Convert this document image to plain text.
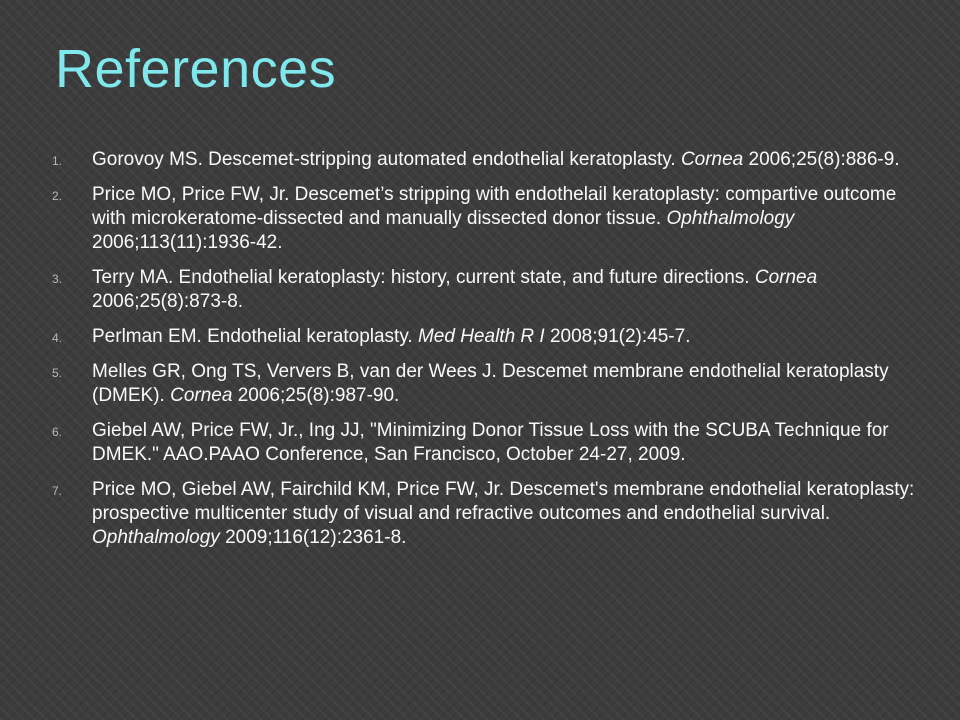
References
1. Gorovoy MS. Descemet-stripping automated endothelial keratoplasty. Cornea 2006;25(8):886-9.
2. Price MO, Price FW, Jr. Descemet’s stripping with endothelail keratoplasty: compartive outcome with microkeratome-dissected and manually dissected donor tissue. Ophthalmology 2006;113(11):1936-42.
3. Terry MA. Endothelial keratoplasty: history, current state, and future directions. Cornea 2006;25(8):873-8.
4. Perlman EM. Endothelial keratoplasty. Med Health R I 2008;91(2):45-7.
5. Melles GR, Ong TS, Ververs B, van der Wees J. Descemet membrane endothelial keratoplasty (DMEK). Cornea 2006;25(8):987-90.
6. Giebel AW, Price FW, Jr., Ing JJ, "Minimizing Donor Tissue Loss with the SCUBA Technique for DMEK." AAO.PAAO Conference, San Francisco, October 24-27, 2009.
7. Price MO, Giebel AW, Fairchild KM, Price FW, Jr. Descemet's membrane endothelial keratoplasty: prospective multicenter study of visual and refractive outcomes and endothelial survival. Ophthalmology 2009;116(12):2361-8.
